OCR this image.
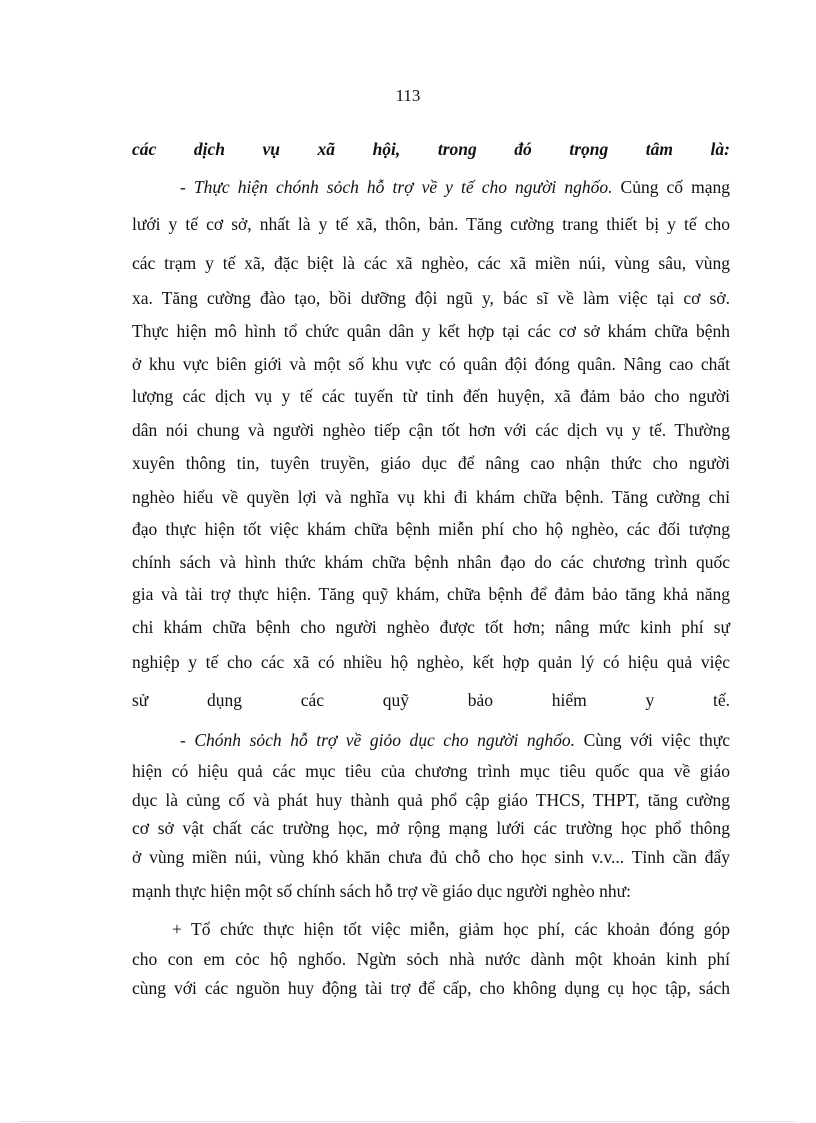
113
các dịch vụ xã hội, trong đó trọng tâm là:
- Thực hiện chónh sỏch hỗ trợ về y tế cho người nghốo. Củng cố mạng
lưới y tế cơ sở, nhất là y tế xã, thôn, bản. Tăng cường trang thiết bị y tế cho
các trạm y tế xã, đặc biệt là các xã nghèo, các xã miền núi, vùng sâu, vùng
xa. Tăng cường đào tạo, bồi dưỡng đội ngũ y, bác sĩ về làm việc tại cơ sở.
Thực hiện mô hình tổ chức quân dân y kết hợp tại các cơ sở khám chữa bệnh
ở khu vực biên giới và một số khu vực có quân đội đóng quân. Nâng cao chất
lượng các dịch vụ y tế các tuyến từ tỉnh đến huyện, xã đảm bảo cho người
dân nói chung và người nghèo tiếp cận tốt hơn với các dịch vụ y tế. Thường
xuyên thông tin, tuyên truyền, giáo dục để nâng cao nhận thức cho người
nghèo hiểu về quyền lợi và nghĩa vụ khi đi khám chữa bệnh. Tăng cường chỉ
đạo thực hiện tốt việc khám chữa bệnh miễn phí cho hộ nghèo, các đối tượng
chính sách và hình thức khám chữa bệnh nhân đạo do các chương trình quốc
gia và tài trợ thực hiện. Tăng quỹ khám, chữa bệnh để đảm bảo tăng khả năng
chi khám chữa bệnh cho người nghèo được tốt hơn; nâng mức kinh phí sự
nghiệp y tế cho các xã có nhiều hộ nghèo, kết hợp quản lý có hiệu quả việc
sử dụng các quỹ bảo hiểm y tế.
- Chónh sỏch hỗ trợ về giỏo dục cho người nghốo. Cùng với việc thực
hiện có hiệu quả các mục tiêu của chương trình mục tiêu quốc qua về giáo
dục là củng cố và phát huy thành quả phổ cập giáo THCS, THPT, tăng cường
cơ sở vật chất các trường học, mở rộng mạng lưới các trường học phổ thông
ở vùng miền núi, vùng khó khăn chưa đủ chỗ cho học sinh v.v... Tỉnh cần đẩy
mạnh thực hiện một số chính sách hỗ trợ về giáo dục người nghèo như:
+ Tổ chức thực hiện tốt việc miễn, giảm học phí, các khoản đóng góp
cho con em cỏc hộ nghốo. Ngừn sỏch nhà nước dành một khoản kinh phí
cùng với các nguồn huy động tài trợ để cấp, cho không dụng cụ học tập, sách
